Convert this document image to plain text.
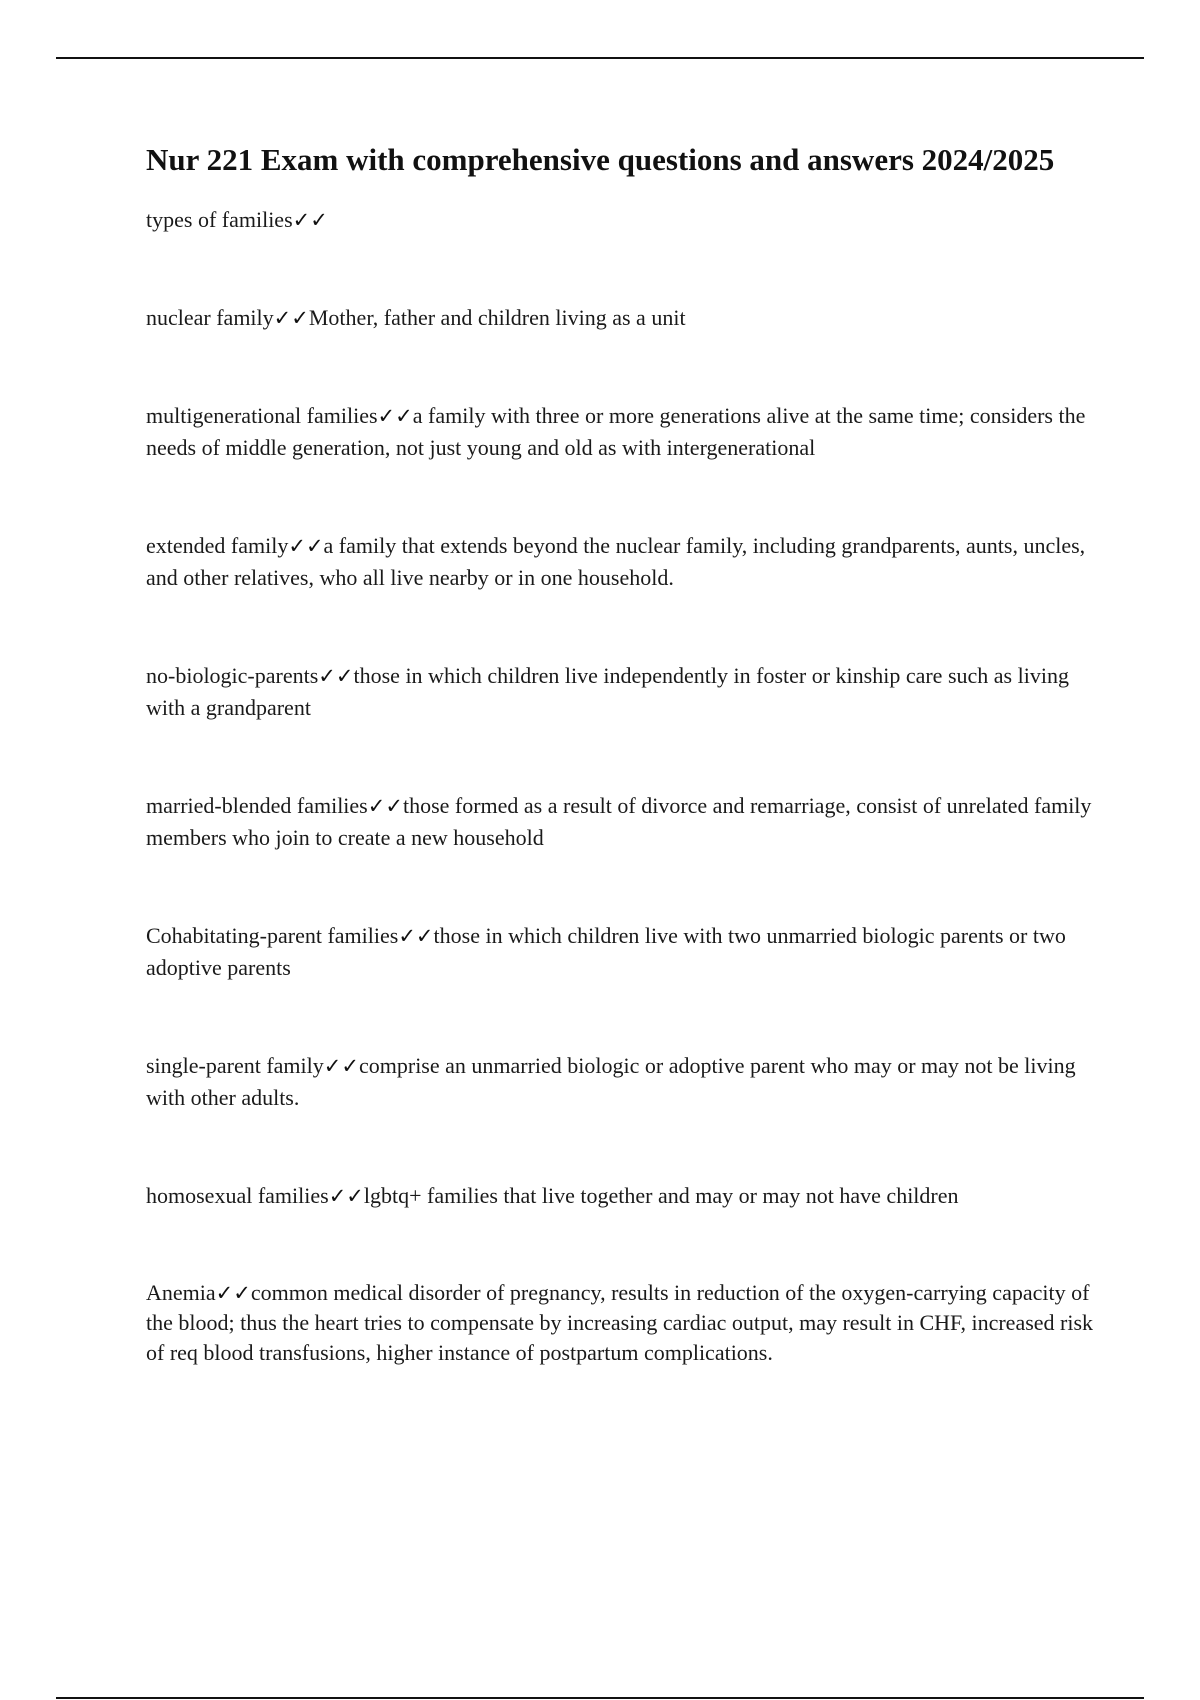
Nur 221 Exam with comprehensive questions and answers 2024/2025

types of families✓✓

nuclear family✓✓Mother, father and children living as a unit

multigenerational families✓✓a family with three or more generations alive at the same time; considers the needs of middle generation, not just young and old as with intergenerational

extended family✓✓a family that extends beyond the nuclear family, including grandparents, aunts, uncles, and other relatives, who all live nearby or in one household.

no-biologic-parents✓✓those in which children live independently in foster or kinship care such as living with a grandparent

married-blended families✓✓those formed as a result of divorce and remarriage, consist of unrelated family members who join to create a new household

Cohabitating-parent families✓✓those in which children live with two unmarried biologic parents or two adoptive parents

single-parent family✓✓comprise an unmarried biologic or adoptive parent who may or may not be living with other adults.

homosexual families✓✓lgbtq+ families that live together and may or may not have children

Anemia✓✓common medical disorder of pregnancy, results in reduction of the oxygen-carrying capacity of the blood; thus the heart tries to compensate by increasing cardiac output, may result in CHF, increased risk of req blood transfusions, higher instance of postpartum complications.
